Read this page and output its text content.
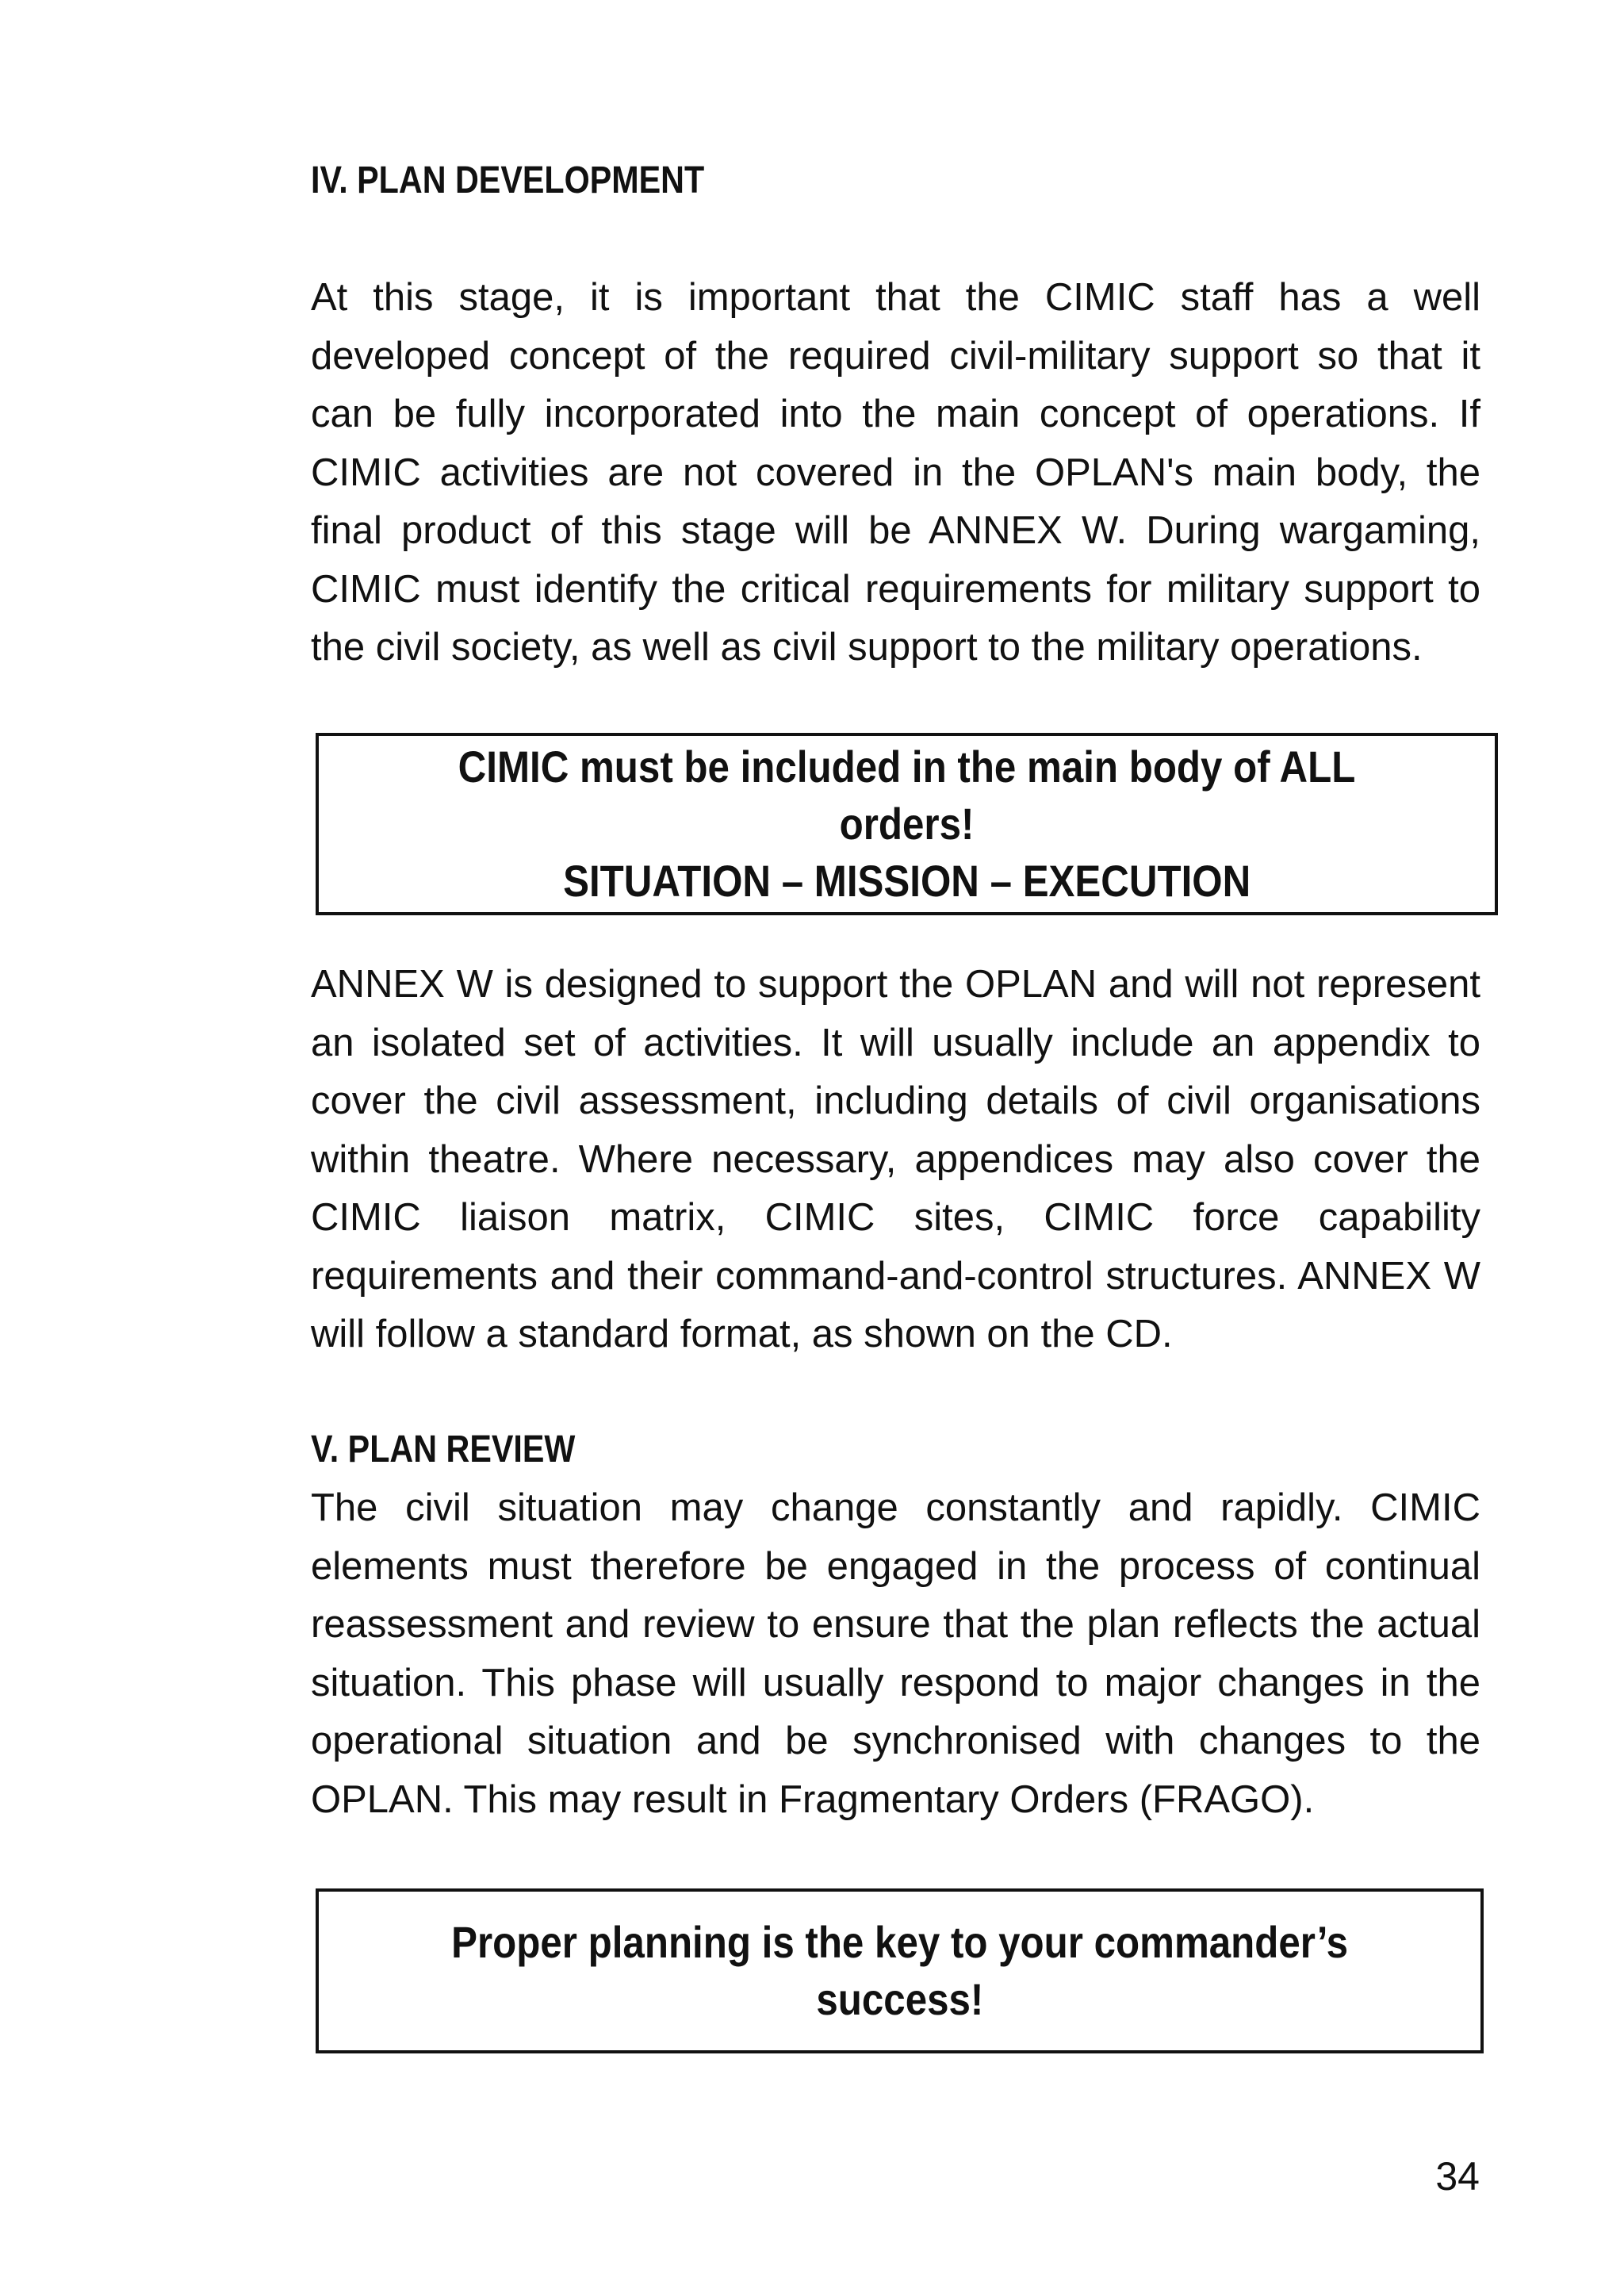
IV. PLAN DEVELOPMENT

At this stage, it is important that the CIMIC staff has a well developed concept of the required civil-military support so that it can be fully incorporated into the main concept of operations. If CIMIC activities are not covered in the OPLAN's main body, the final product of this stage will be ANNEX W. During wargaming, CIMIC must identify the critical requirements for military support to the civil society, as well as civil support to the military operations.

CIMIC must be included in the main body of ALL orders!
SITUATION – MISSION – EXECUTION

ANNEX W is designed to support the OPLAN and will not represent an isolated set of activities. It will usually include an appendix to cover the civil assessment, including details of civil organisations within theatre. Where necessary, appendices may also cover the CIMIC liaison matrix, CIMIC sites, CIMIC force capability requirements and their command-and-control structures. ANNEX W will follow a standard format, as shown on the CD.

V. PLAN REVIEW

The civil situation may change constantly and rapidly. CIMIC elements must therefore be engaged in the process of continual reassessment and review to ensure that the plan reflects the actual situation. This phase will usually respond to major changes in the operational situation and be synchronised with changes to the OPLAN. This may result in Fragmentary Orders (FRAGO).

Proper planning is the key to your commander’s
success!
34
